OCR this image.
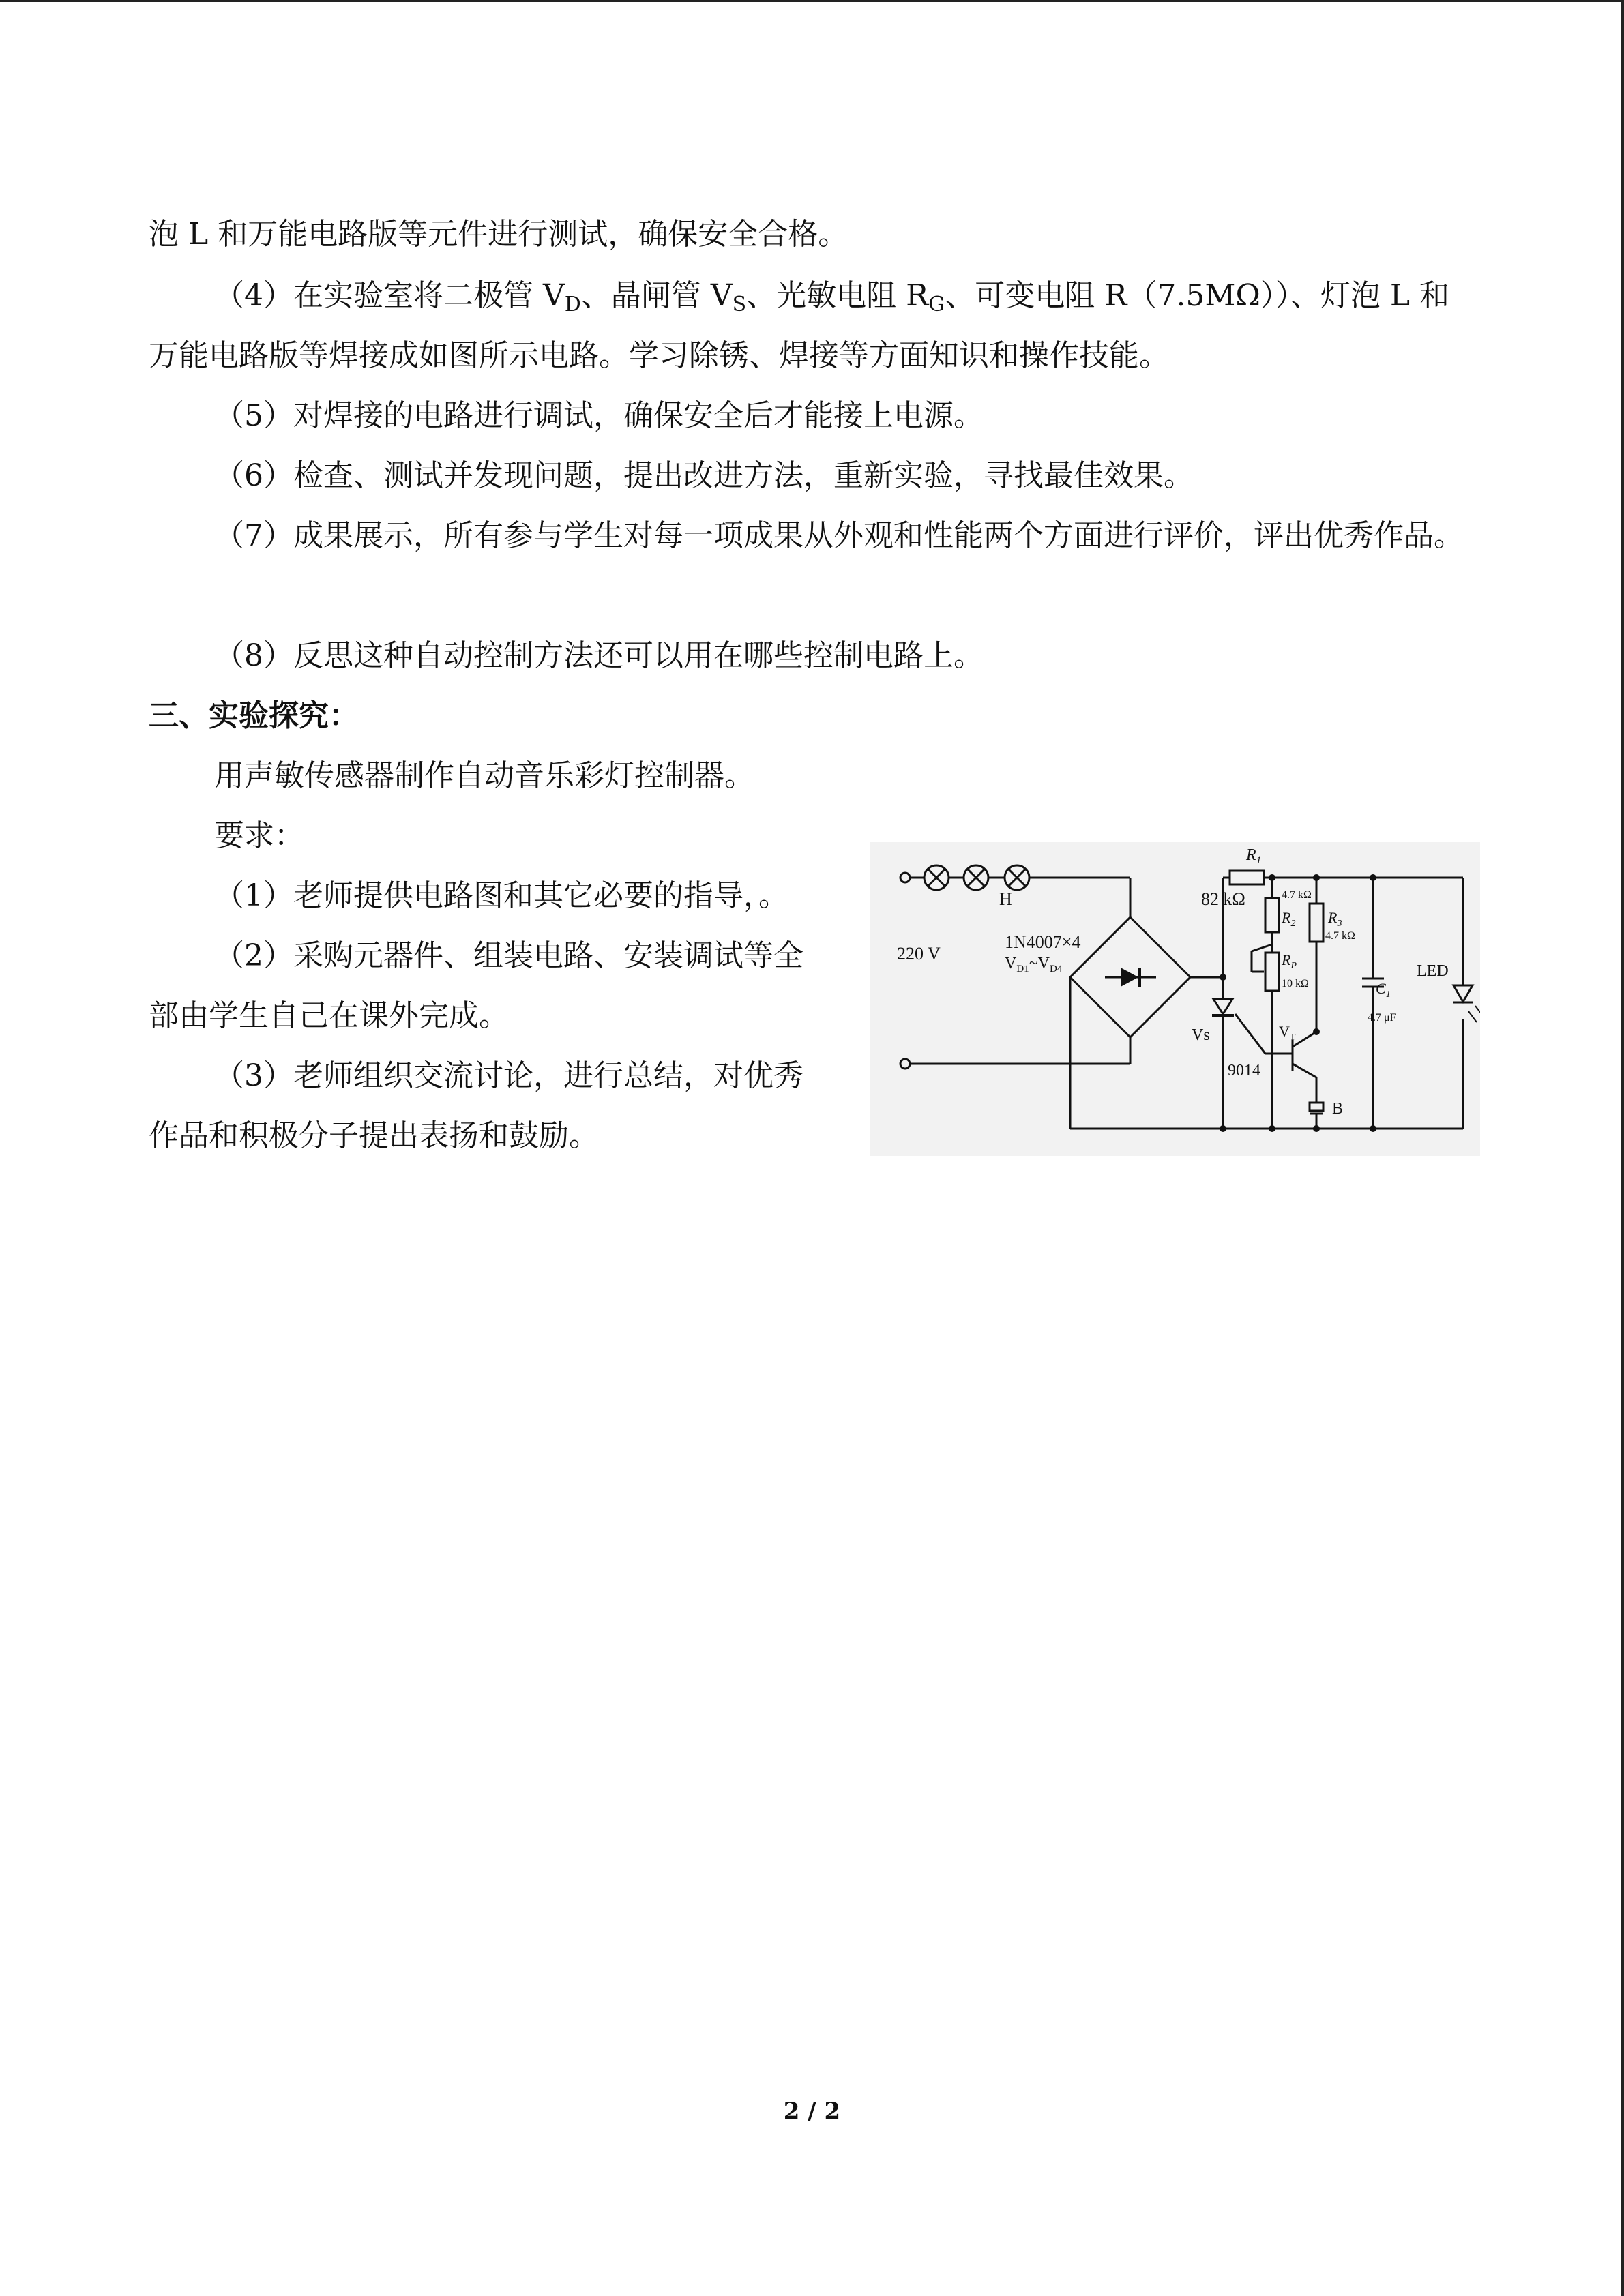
泡 L 和万能电路版等元件进行测试，确保安全合格。

（4）在实验室将二极管 $V_D$、晶闸管 $V_S$、光敏电阻 $R_G$、可变电阻 R（7.5MΩ））、灯泡 L 和万能电路版等焊接成如图所示电路。学习除锈、焊接等方面知识和操作技能。

（5）对焊接的电路进行调试，确保安全后才能接上电源。

（6）检查、测试并发现问题，提出改进方法，重新实验，寻找最佳效果。

（7）成果展示，所有参与学生对每一项成果从外观和性能两个方面进行评价，评出优秀作品。

（8）反思这种自动控制方法还可以用在哪些控制电路上。

三、实验探究：

用声敏传感器制作自动音乐彩灯控制器。

要求：

（1）老师提供电路图和其它必要的指导，。

（2）采购元器件、组装电路、安装调试等全部由学生自己在课外完成。

（3）老师组织交流讨论，进行总结，对优秀作品和积极分子提出表扬和鼓励。

H
220 V
1N4007×4
$V_{D1}\sim V_{D4}$
$R_1$
82 kΩ	4.7 kΩ
$R_2$
$R_P$
10 kΩ
$R_3$
4.7 kΩ
$C_1$
4.7 μF
LED
Vs	$V_T$
9014
B
2 / 2
